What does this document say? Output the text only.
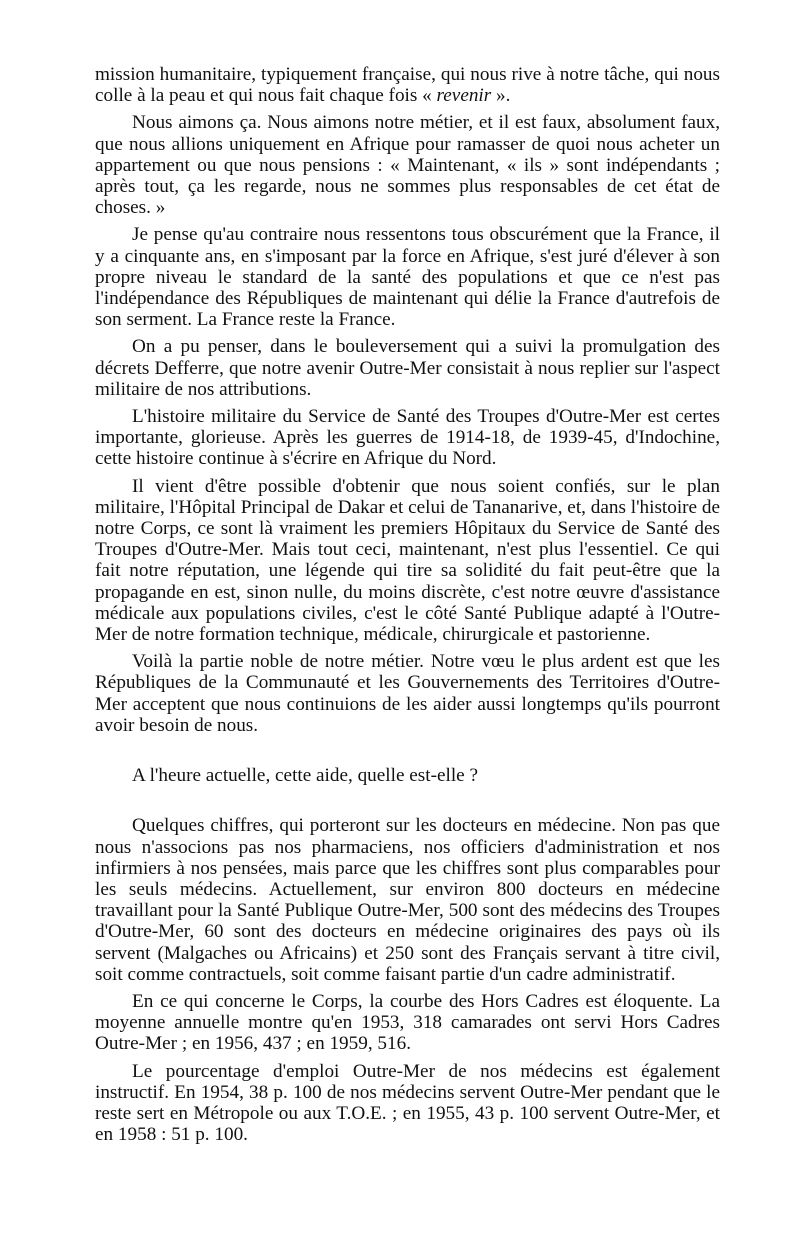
mission humanitaire, typiquement française, qui nous rive à notre tâche, qui nous colle à la peau et qui nous fait chaque fois « revenir ».

Nous aimons ça. Nous aimons notre métier, et il est faux, absolument faux, que nous allions uniquement en Afrique pour ramasser de quoi nous acheter un appartement ou que nous pensions : « Maintenant, « ils » sont indépendants ; après tout, ça les regarde, nous ne sommes plus responsables de cet état de choses. »

Je pense qu'au contraire nous ressentons tous obscurément que la France, il y a cinquante ans, en s'imposant par la force en Afrique, s'est juré d'élever à son propre niveau le standard de la santé des populations et que ce n'est pas l'indépendance des Républiques de maintenant qui délie la France d'autrefois de son serment. La France reste la France.

On a pu penser, dans le bouleversement qui a suivi la promulgation des décrets Defferre, que notre avenir Outre-Mer consistait à nous replier sur l'aspect militaire de nos attributions.

L'histoire militaire du Service de Santé des Troupes d'Outre-Mer est certes importante, glorieuse. Après les guerres de 1914-18, de 1939-45, d'Indochine, cette histoire continue à s'écrire en Afrique du Nord.

Il vient d'être possible d'obtenir que nous soient confiés, sur le plan militaire, l'Hôpital Principal de Dakar et celui de Tananarive, et, dans l'histoire de notre Corps, ce sont là vraiment les premiers Hôpitaux du Service de Santé des Troupes d'Outre-Mer. Mais tout ceci, maintenant, n'est plus l'essentiel. Ce qui fait notre réputation, une légende qui tire sa solidité du fait peut-être que la propagande en est, sinon nulle, du moins discrète, c'est notre œuvre d'assistance médicale aux populations civiles, c'est le côté Santé Publique adapté à l'Outre-Mer de notre formation technique, médicale, chirurgicale et pastorienne.

Voilà la partie noble de notre métier. Notre vœu le plus ardent est que les Républiques de la Communauté et les Gouvernements des Territoires d'Outre-Mer acceptent que nous continuions de les aider aussi longtemps qu'ils pourront avoir besoin de nous.

A l'heure actuelle, cette aide, quelle est-elle ?

Quelques chiffres, qui porteront sur les docteurs en médecine. Non pas que nous n'associons pas nos pharmaciens, nos officiers d'administration et nos infirmiers à nos pensées, mais parce que les chiffres sont plus comparables pour les seuls médecins. Actuellement, sur environ 800 docteurs en médecine travaillant pour la Santé Publique Outre-Mer, 500 sont des médecins des Troupes d'Outre-Mer, 60 sont des docteurs en médecine originaires des pays où ils servent (Malgaches ou Africains) et 250 sont des Français servant à titre civil, soit comme contractuels, soit comme faisant partie d'un cadre administratif.

En ce qui concerne le Corps, la courbe des Hors Cadres est éloquente. La moyenne annuelle montre qu'en 1953, 318 camarades ont servi Hors Cadres Outre-Mer ; en 1956, 437 ; en 1959, 516.

Le pourcentage d'emploi Outre-Mer de nos médecins est également instructif. En 1954, 38 p. 100 de nos médecins servent Outre-Mer pendant que le reste sert en Métropole ou aux T.O.E. ; en 1955, 43 p. 100 servent Outre-Mer, et en 1958 : 51 p. 100.
